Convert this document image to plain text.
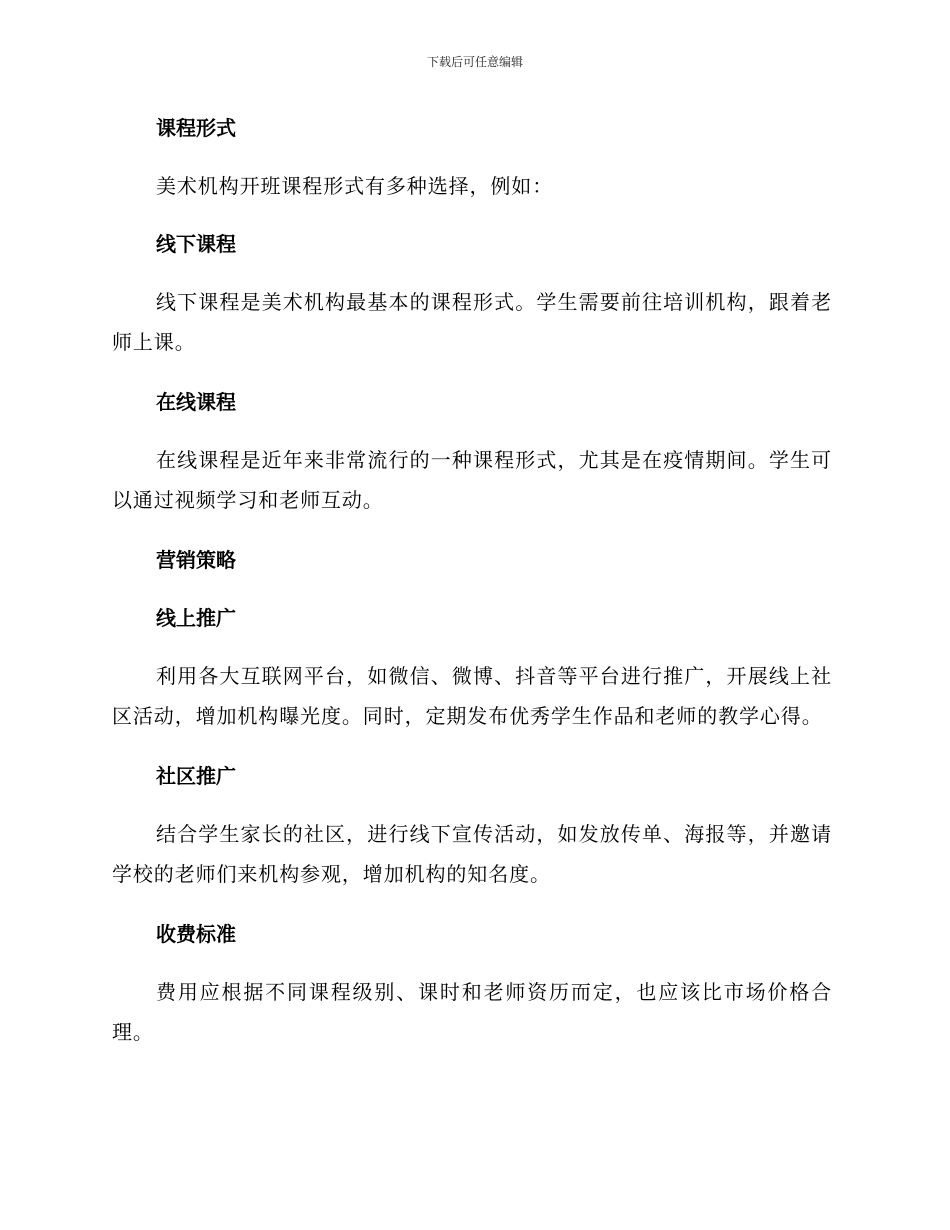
下载后可任意编辑
课程形式

美术机构开班课程形式有多种选择，例如：

线下课程

线下课程是美术机构最基本的课程形式。学生需要前往培训机构，跟着老师上课。

在线课程

在线课程是近年来非常流行的一种课程形式，尤其是在疫情期间。学生可以通过视频学习和老师互动。

营销策略
线上推广

利用各大互联网平台，如微信、微博、抖音等平台进行推广，开展线上社区活动，增加机构曝光度。同时，定期发布优秀学生作品和老师的教学心得。

社区推广

结合学生家长的社区，进行线下宣传活动，如发放传单、海报等，并邀请学校的老师们来机构参观，增加机构的知名度。

收费标准

费用应根据不同课程级别、课时和老师资历而定，也应该比市场价格合理。
